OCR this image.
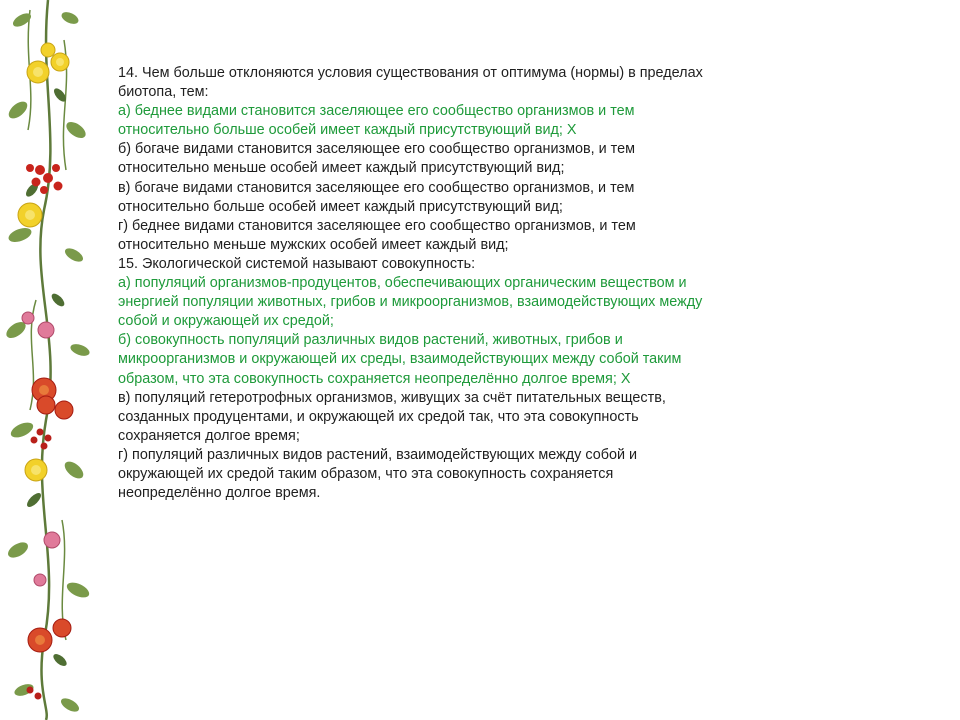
14. Чем больше отклоняются условия существования от оптимума (нормы) в пределах биотопа, тем:

а) беднее видами становится заселяющее его сообщество организмов и тем относительно больше особей имеет каждый присутствующий вид; Х

б) богаче видами становится заселяющее его сообщество организмов, и тем относительно меньше особей имеет каждый присутствующий вид;

в) богаче видами становится заселяющее его сообщество организмов, и тем относительно больше особей имеет каждый присутствующий вид;

г) беднее видами становится заселяющее его сообщество организмов, и тем относительно меньше мужских особей имеет каждый вид;

15. Экологической системой называют совокупность:

а) популяций организмов-продуцентов, обеспечивающих органическим веществом и энергией популяции животных, грибов и микроорганизмов, взаимодействующих между собой и окружающей их средой;

б) совокупность популяций различных видов растений, животных, грибов и микроорганизмов и окружающей их среды, взаимодействующих между собой таким образом, что эта совокупность сохраняется неопределённо долгое время; Х

в) популяций гетеротрофных организмов, живущих за счёт питательных веществ, созданных продуцентами, и окружающей их средой так, что эта совокупность сохраняется долгое время;

г) популяций различных видов растений, взаимодействующих между собой и окружающей их средой таким образом, что эта совокупность сохраняется неопределённо долгое время.
